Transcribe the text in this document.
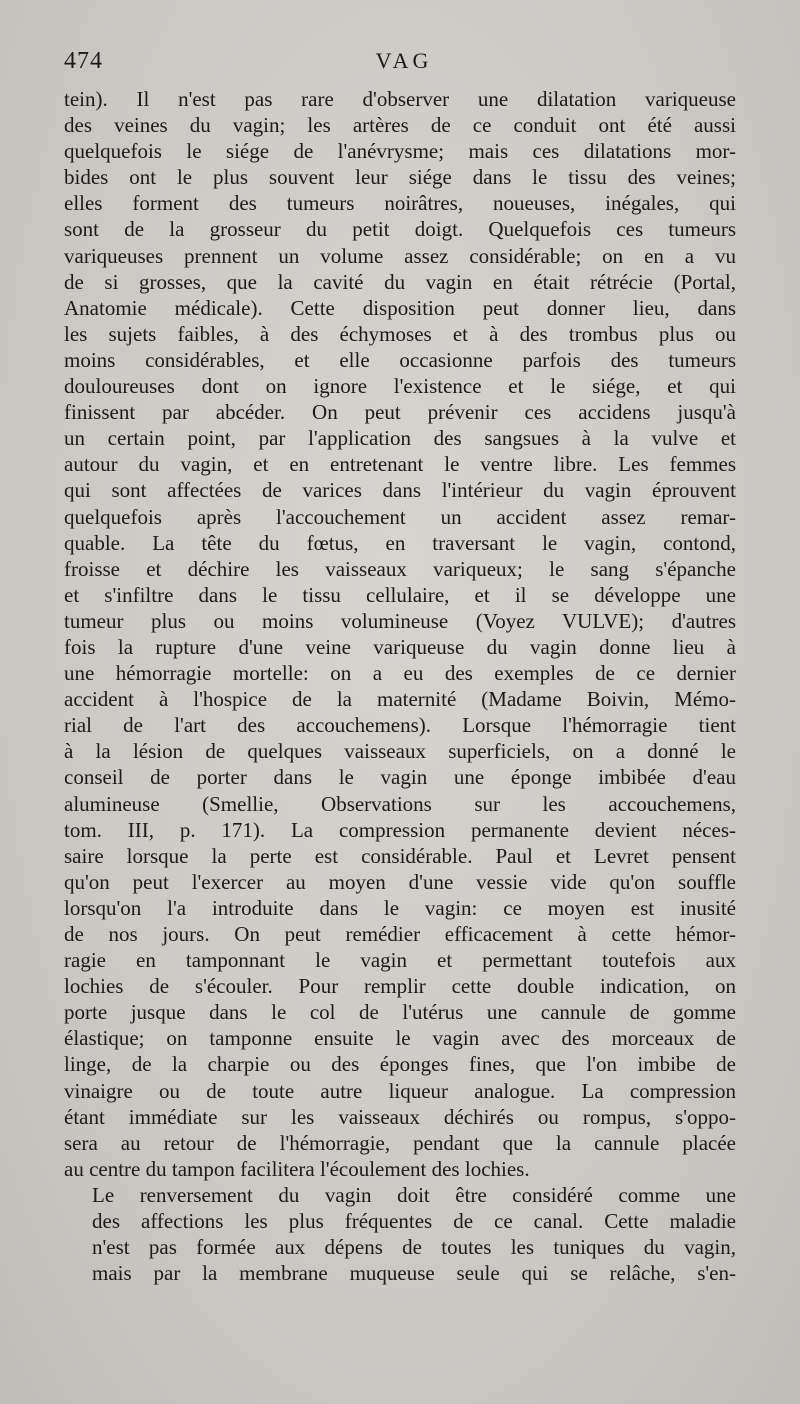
474	VAG

tein). Il n'est pas rare d'observer une dilatation variqueuse
des veines du vagin; les artères de ce conduit ont été aussi
quelquefois le siége de l'anévrysme; mais ces dilatations mor-
bides ont le plus souvent leur siége dans le tissu des veines;
elles forment des tumeurs noirâtres, noueuses, inégales, qui
sont de la grosseur du petit doigt. Quelquefois ces tumeurs
variqueuses prennent un volume assez considérable; on en a vu
de si grosses, que la cavité du vagin en était rétrécie (Portal,
Anatomie médicale). Cette disposition peut donner lieu, dans
les sujets faibles, à des échymoses et à des trombus plus ou
moins considérables, et elle occasionne parfois des tumeurs
douloureuses dont on ignore l'existence et le siége, et qui
finissent par abcéder. On peut prévenir ces accidens jusqu'à
un certain point, par l'application des sangsues à la vulve et
autour du vagin, et en entretenant le ventre libre. Les femmes
qui sont affectées de varices dans l'intérieur du vagin éprouvent
quelquefois après l'accouchement un accident assez remar-
quable. La tête du fœtus, en traversant le vagin, contond,
froisse et déchire les vaisseaux variqueux; le sang s'épanche
et s'infiltre dans le tissu cellulaire, et il se développe une
tumeur plus ou moins volumineuse (Voyez VULVE); d'autres
fois la rupture d'une veine variqueuse du vagin donne lieu à
une hémorragie mortelle: on a eu des exemples de ce dernier
accident à l'hospice de la maternité (Madame Boivin, Mémo-
rial de l'art des accouchemens). Lorsque l'hémorragie tient
à la lésion de quelques vaisseaux superficiels, on a donné le
conseil de porter dans le vagin une éponge imbibée d'eau
alumineuse (Smellie, Observations sur les accouchemens,
tom. III, p. 171). La compression permanente devient néces-
saire lorsque la perte est considérable. Paul et Levret pensent
qu'on peut l'exercer au moyen d'une vessie vide qu'on souffle
lorsqu'on l'a introduite dans le vagin: ce moyen est inusité
de nos jours. On peut remédier efficacement à cette hémor-
ragie en tamponnant le vagin et permettant toutefois aux
lochies de s'écouler. Pour remplir cette double indication, on
porte jusque dans le col de l'utérus une cannule de gomme
élastique; on tamponne ensuite le vagin avec des morceaux de
linge, de la charpie ou des éponges fines, que l'on imbibe de
vinaigre ou de toute autre liqueur analogue. La compression
étant immédiate sur les vaisseaux déchirés ou rompus, s'oppo-
sera au retour de l'hémorragie, pendant que la cannule placée
au centre du tampon facilitera l'écoulement des lochies.

Le renversement du vagin doit être considéré comme une
des affections les plus fréquentes de ce canal. Cette maladie
n'est pas formée aux dépens de toutes les tuniques du vagin,
mais par la membrane muqueuse seule qui se relâche, s'en-
